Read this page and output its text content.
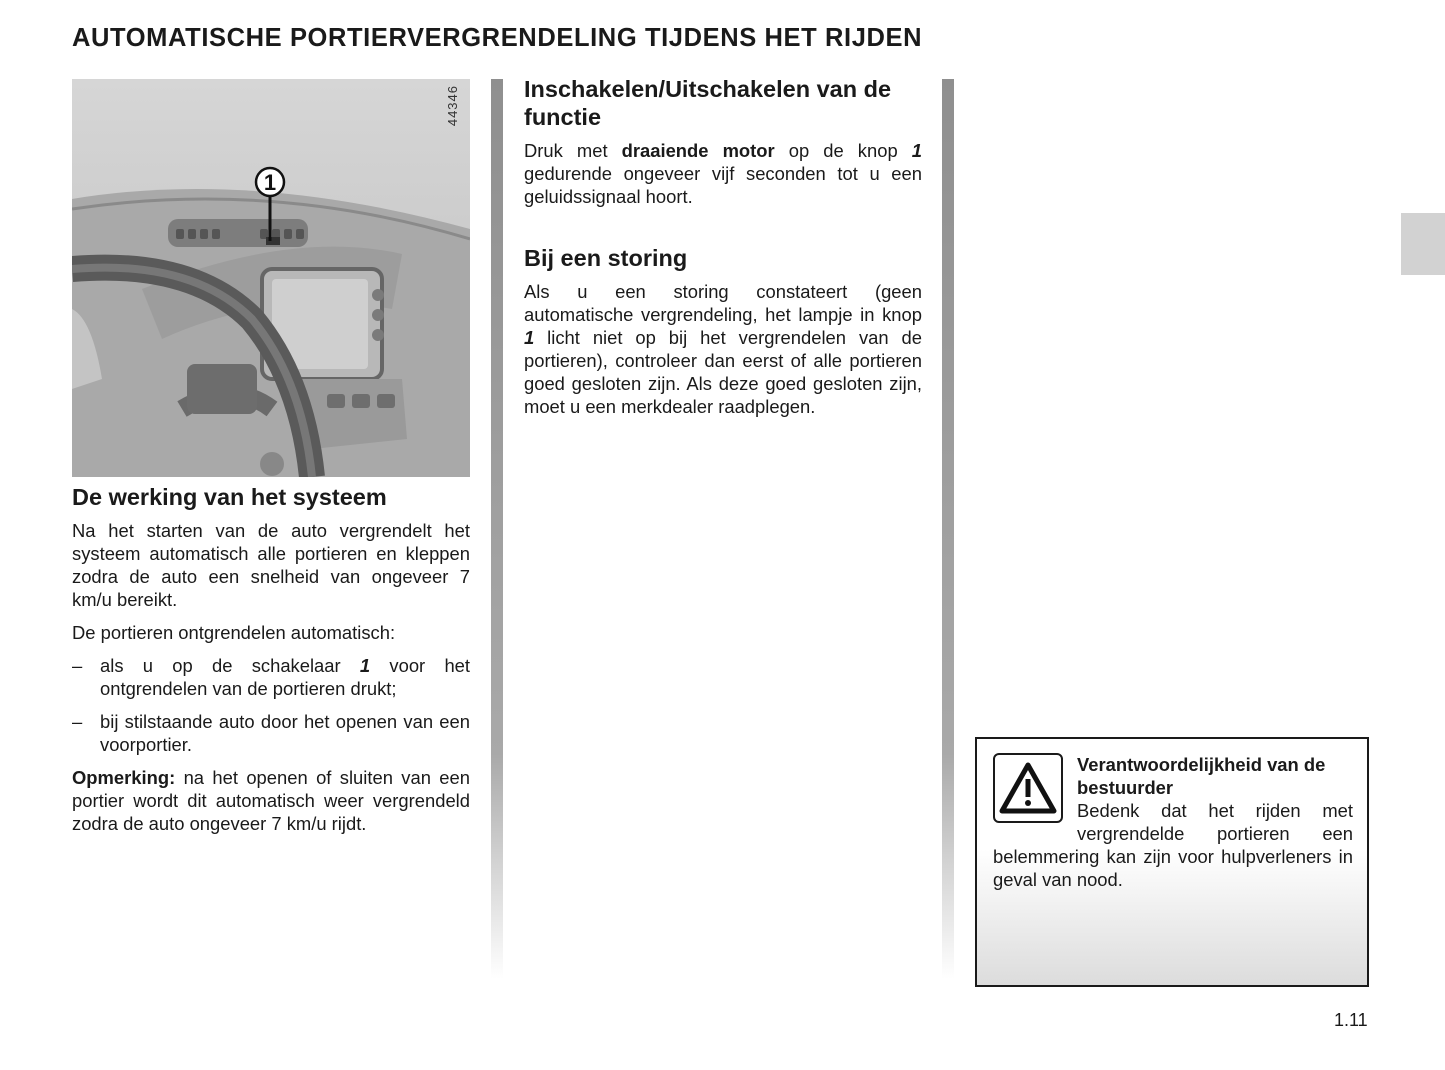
AUTOMATISCHE PORTIERVERGRENDELING TIJDENS HET RIJDEN
1
44346
De werking van het systeem

Na het starten van de auto vergrendelt het systeem automatisch alle portieren en kleppen zodra de auto een snelheid van ongeveer 7 km/u bereikt.

De portieren ontgrendelen automatisch:

– als u op de schakelaar 1 voor het ontgrendelen van de portieren drukt;
– bij stilstaande auto door het openen van een voorportier.

Opmerking: na het openen of sluiten van een portier wordt dit automatisch weer vergrendeld zodra de auto ongeveer 7 km/u rijdt.

Inschakelen/Uitschakelen van de functie

Druk met draaiende motor op de knop 1 gedurende ongeveer vijf seconden tot u een geluidssignaal hoort.

Bij een storing

Als u een storing constateert (geen automatische vergrendeling, het lampje in knop 1 licht niet op bij het vergrendelen van de portieren), controleer dan eerst of alle portieren goed gesloten zijn. Als deze goed gesloten zijn, moet u een merkdealer raadplegen.

Verantwoordelijkheid van de bestuurder
Bedenk dat het rijden met vergrendelde portieren een belemmering kan zijn voor hulpverleners in geval van nood.
1.11
